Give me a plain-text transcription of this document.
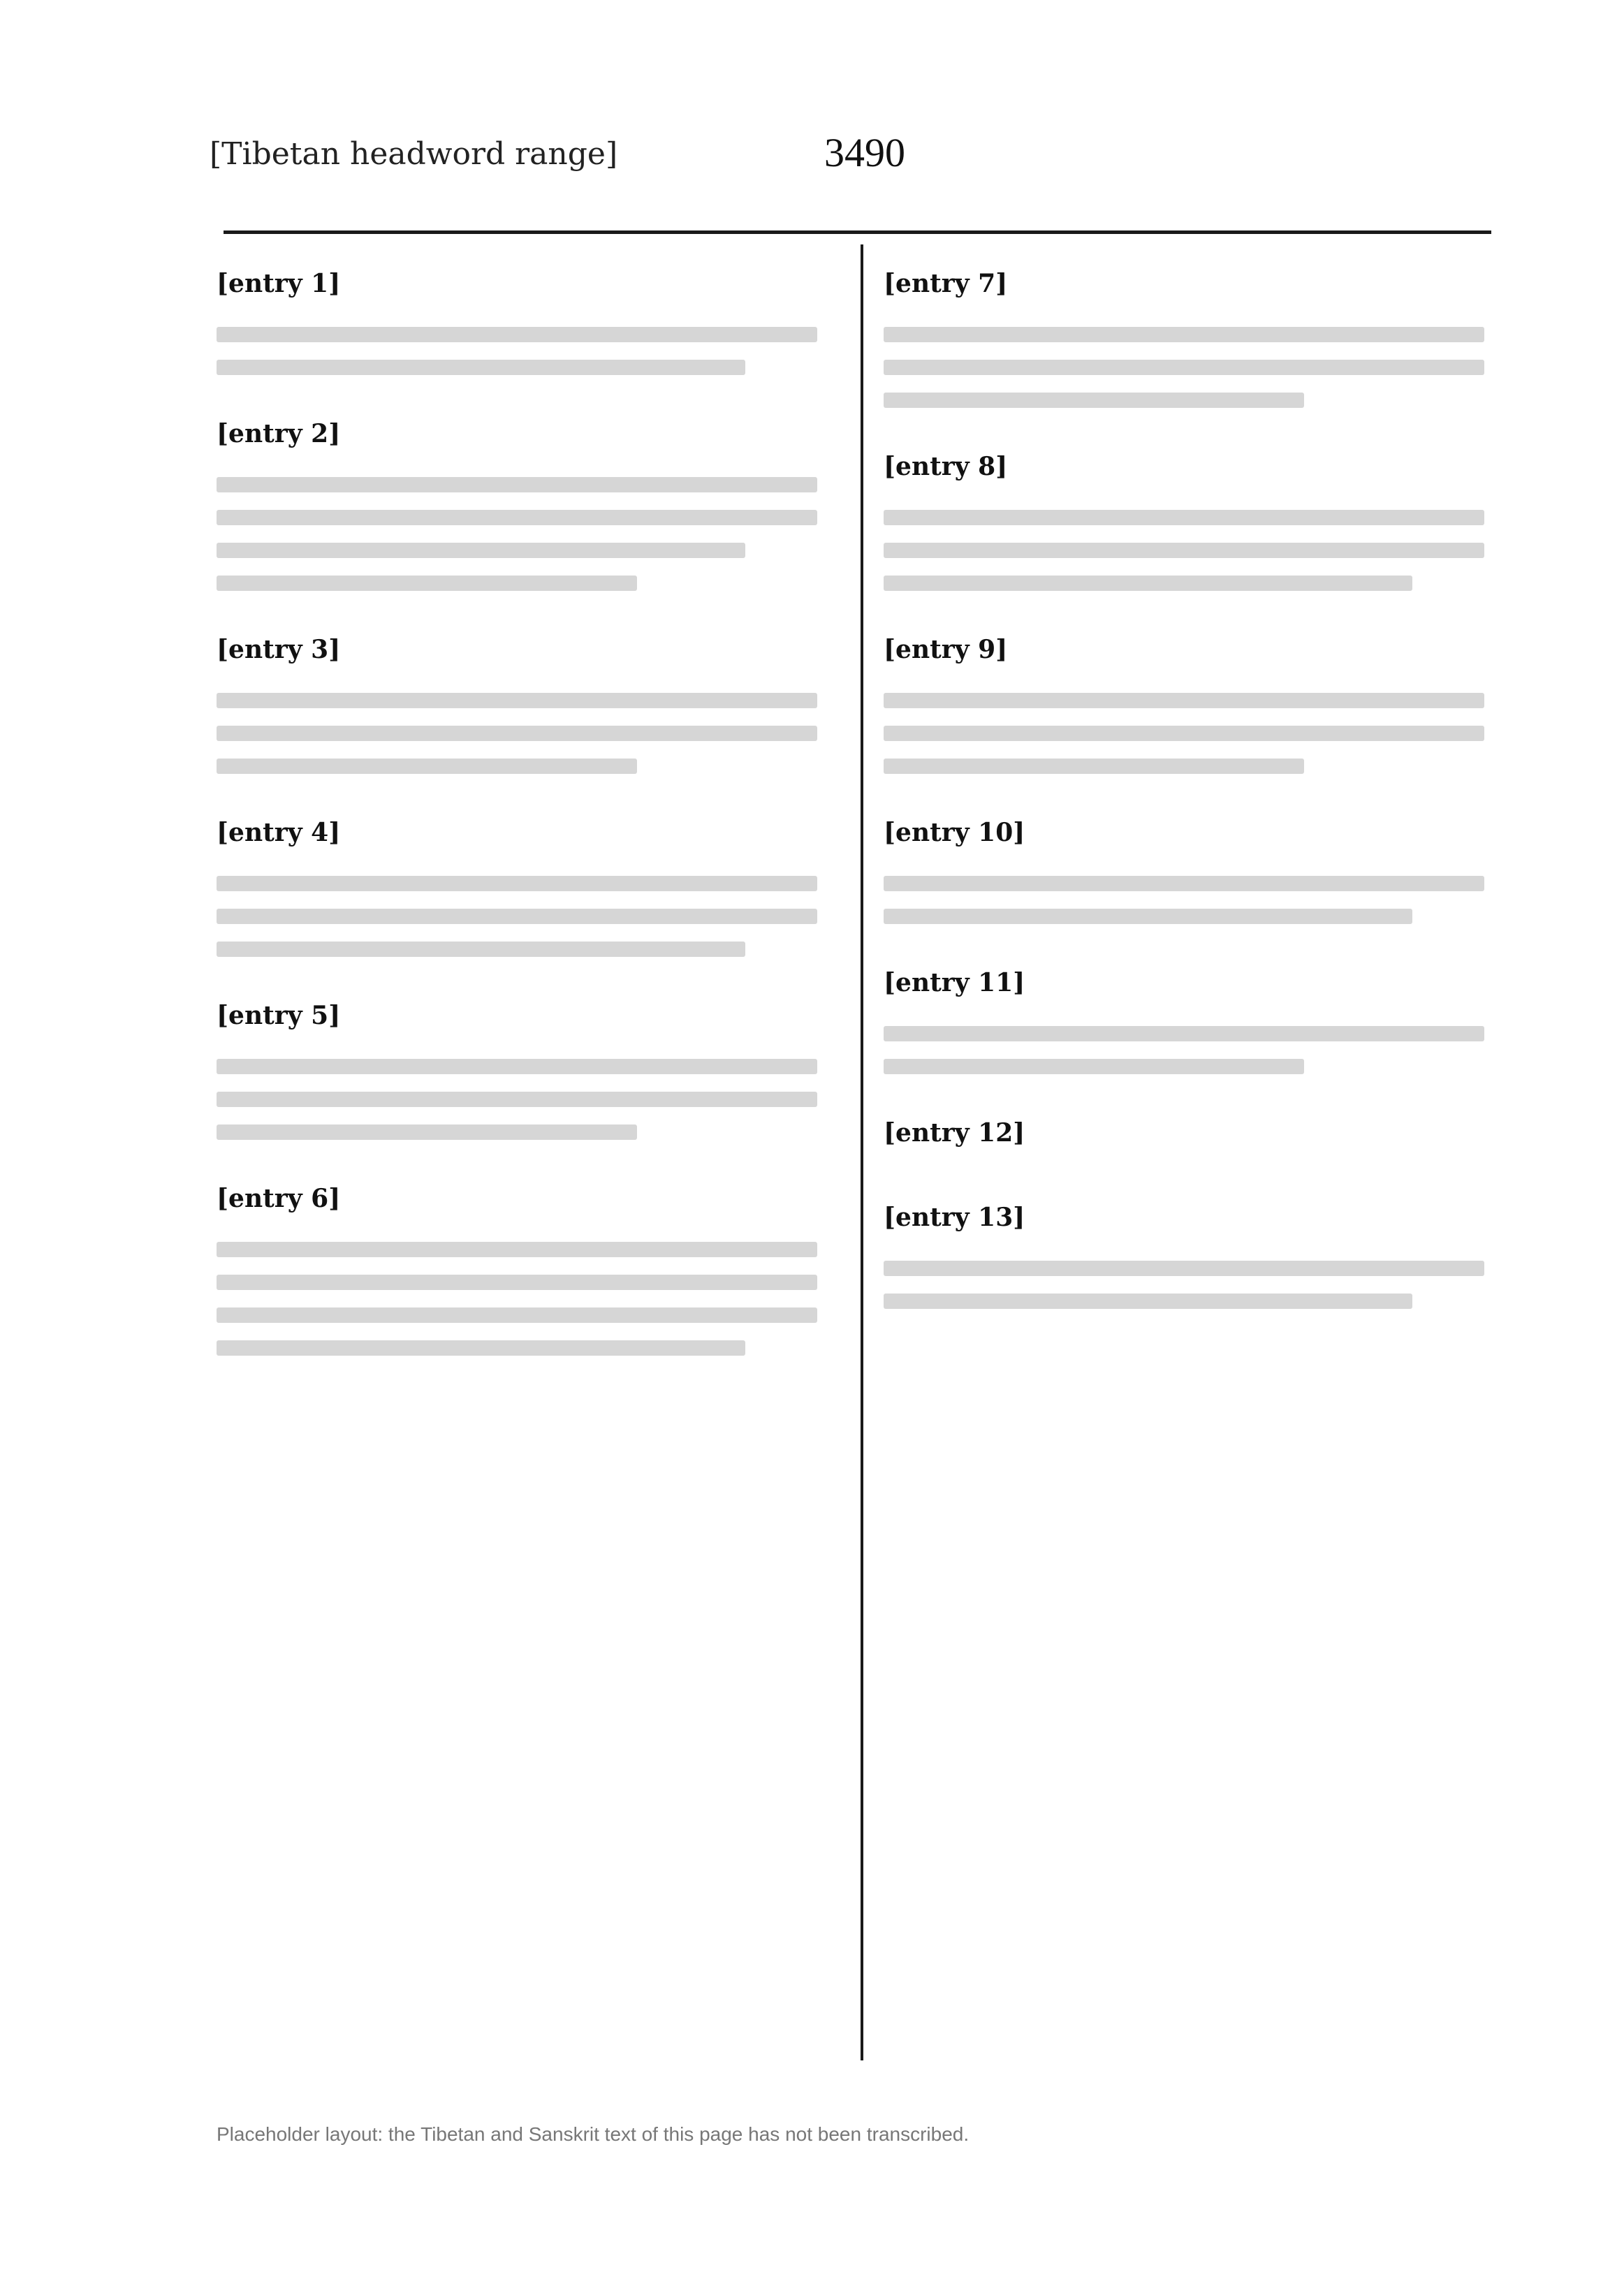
[Tibetan headword range]	3490
[entry 1]
[entry 2]
[entry 3]
[entry 4]
[entry 5]
[entry 6]
[entry 7]
[entry 8]
[entry 9]
[entry 10]
[entry 11]
[entry 12]
[entry 13]
Placeholder layout: the Tibetan and Sanskrit text of this page has not been transcribed.
